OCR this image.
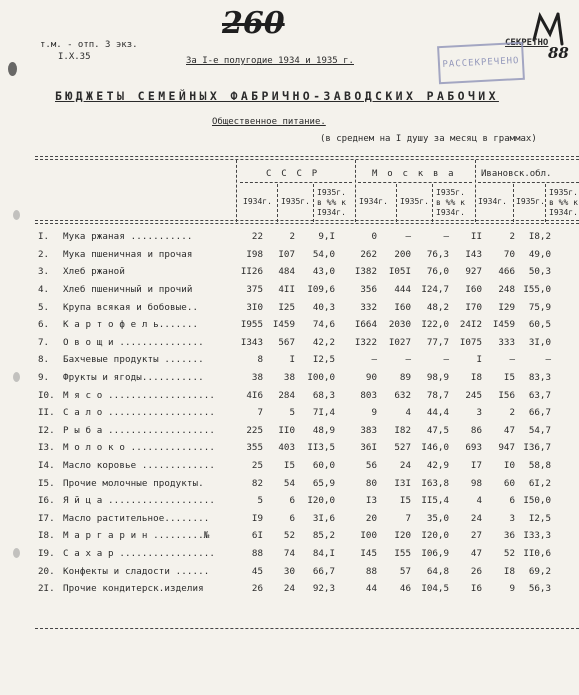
т.м. - отп. 3 экз.
I.X.35
260
88
СЕКРЕТНО
РАССЕКРЕЧЕНО
За I-е полугодие 1934 и 1935 г.
БЮДЖЕТЫ СЕМЕЙНЫХ ФАБРИЧНО-ЗАВОДСКИХ РАБОЧИХ
Общественное питание.
(в среднем на I душу за месяц в граммах)
С С С Р	М о с к в а	Ивановск.обл.
I934г. I935г.
I935г. в %% к I934г.
I934г. I935г.
I935г. в %% к I934г.
I934г. I935г.
I935г. в %% к I934г.
I.	Мука ржаная ...........	22	2	9,I	0	–	–	II	2	I8,2
2.	Мука пшеничная и прочая	I98	I07	54,0	262	200	76,3	I43	70	49,0
3.	Хлеб ржаной	II26	484	43,0	I382	I05I	76,0	927	466	50,3
4.	Хлеб пшеничный и прочий	375	4II	I09,6	356	444	I24,7	I60	248	I55,0
5.	Крупа всякая и бобовые..	3I0	I25	40,3	332	I60	48,2	I70	I29	75,9
6.	К а р т о ф е л ь.......	I955	I459	74,6	I664	2030	I22,0	24I2	I459	60,5
7.	О в о щ и ...............	I343	567	42,2	I322	I027	77,7	I075	333	3I,0
8.	Бахчевые продукты .......	8	I	I2,5	–	–	–	I	–	–
9.	Фрукты и ягоды...........	38	38	I00,0	90	89	98,9	I8	I5	83,3
I0.	М я с о ...................	4I6	284	68,3	803	632	78,7	245	I56	63,7
II.	С а л о ...................	7	5	7I,4	9	4	44,4	3	2	66,7
I2.	Р ы б а ...................	225	II0	48,9	383	I82	47,5	86	47	54,7
I3.	М о л о к о ...............	355	403	II3,5	36I	527	I46,0	693	947	I36,7
I4.	Масло коровье .............	25	I5	60,0	56	24	42,9	I7	I0	58,8
I5.	Прочие молочные продукты.	82	54	65,9	80	I3I	I63,8	98	60	6I,2
I6.	Я й ц а ...................	5	6	I20,0	I3	I5	II5,4	4	6	I50,0
I7.	Масло растительное........	I9	6	3I,6	20	7	35,0	24	3	I2,5
I8.	М а р г а р и н .........№	6I	52	85,2	I00	I20	I20,0	27	36	I33,3
I9.	С а х а р .................	88	74	84,I	I45	I55	I06,9	47	52	II0,6
20.	Конфекты и сладости ......	45	30	66,7	88	57	64,8	26	I8	69,2
2I.	Прочие кондитерск.изделия	26	24	92,3	44	46	I04,5	I6	9	56,3
